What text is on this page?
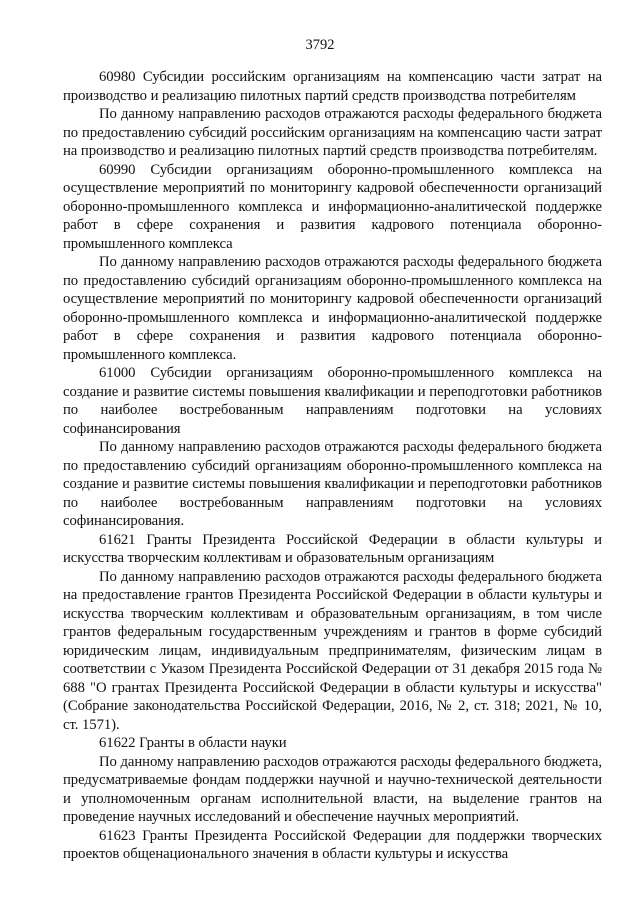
3792

60980 Субсидии российским организациям на компенсацию части затрат на производство и реализацию пилотных партий средств производства потребителям

По данному направлению расходов отражаются расходы федерального бюджета по предоставлению субсидий российским организациям на компенсацию части затрат на производство и реализацию пилотных партий средств производства потребителям.

60990 Субсидии организациям оборонно-промышленного комплекса на осуществление мероприятий по мониторингу кадровой обеспеченности организаций оборонно-промышленного комплекса и информационно-аналитической поддержке работ в сфере сохранения и развития кадрового потенциала оборонно-промышленного комплекса

По данному направлению расходов отражаются расходы федерального бюджета по предоставлению субсидий организациям оборонно-промышленного комплекса на осуществление мероприятий по мониторингу кадровой обеспеченности организаций оборонно-промышленного комплекса и информационно-аналитической поддержке работ в сфере сохранения и развития кадрового потенциала оборонно-промышленного комплекса.

61000 Субсидии организациям оборонно-промышленного комплекса на создание и развитие системы повышения квалификации и переподготовки работников по наиболее востребованным направлениям подготовки на условиях софинансирования

По данному направлению расходов отражаются расходы федерального бюджета по предоставлению субсидий организациям оборонно-промышленного комплекса на создание и развитие системы повышения квалификации и переподготовки работников по наиболее востребованным направлениям подготовки на условиях софинансирования.

61621 Гранты Президента Российской Федерации в области культуры и искусства творческим коллективам и образовательным организациям

По данному направлению расходов отражаются расходы федерального бюджета на предоставление грантов Президента Российской Федерации в области культуры и искусства творческим коллективам и образовательным организациям, в том числе грантов федеральным государственным учреждениям и грантов в форме субсидий юридическим лицам, индивидуальным предпринимателям, физическим лицам в соответствии с Указом Президента Российской Федерации от 31 декабря 2015 года № 688 "О грантах Президента Российской Федерации в области культуры и искусства" (Собрание законодательства Российской Федерации, 2016, № 2, ст. 318; 2021, № 10, ст. 1571).

61622 Гранты в области науки

По данному направлению расходов отражаются расходы федерального бюджета, предусматриваемые фондам поддержки научной и научно-технической деятельности и уполномоченным органам исполнительной власти, на выделение грантов на проведение научных исследований и обеспечение научных мероприятий.

61623 Гранты Президента Российской Федерации для поддержки творческих проектов общенационального значения в области культуры и искусства
